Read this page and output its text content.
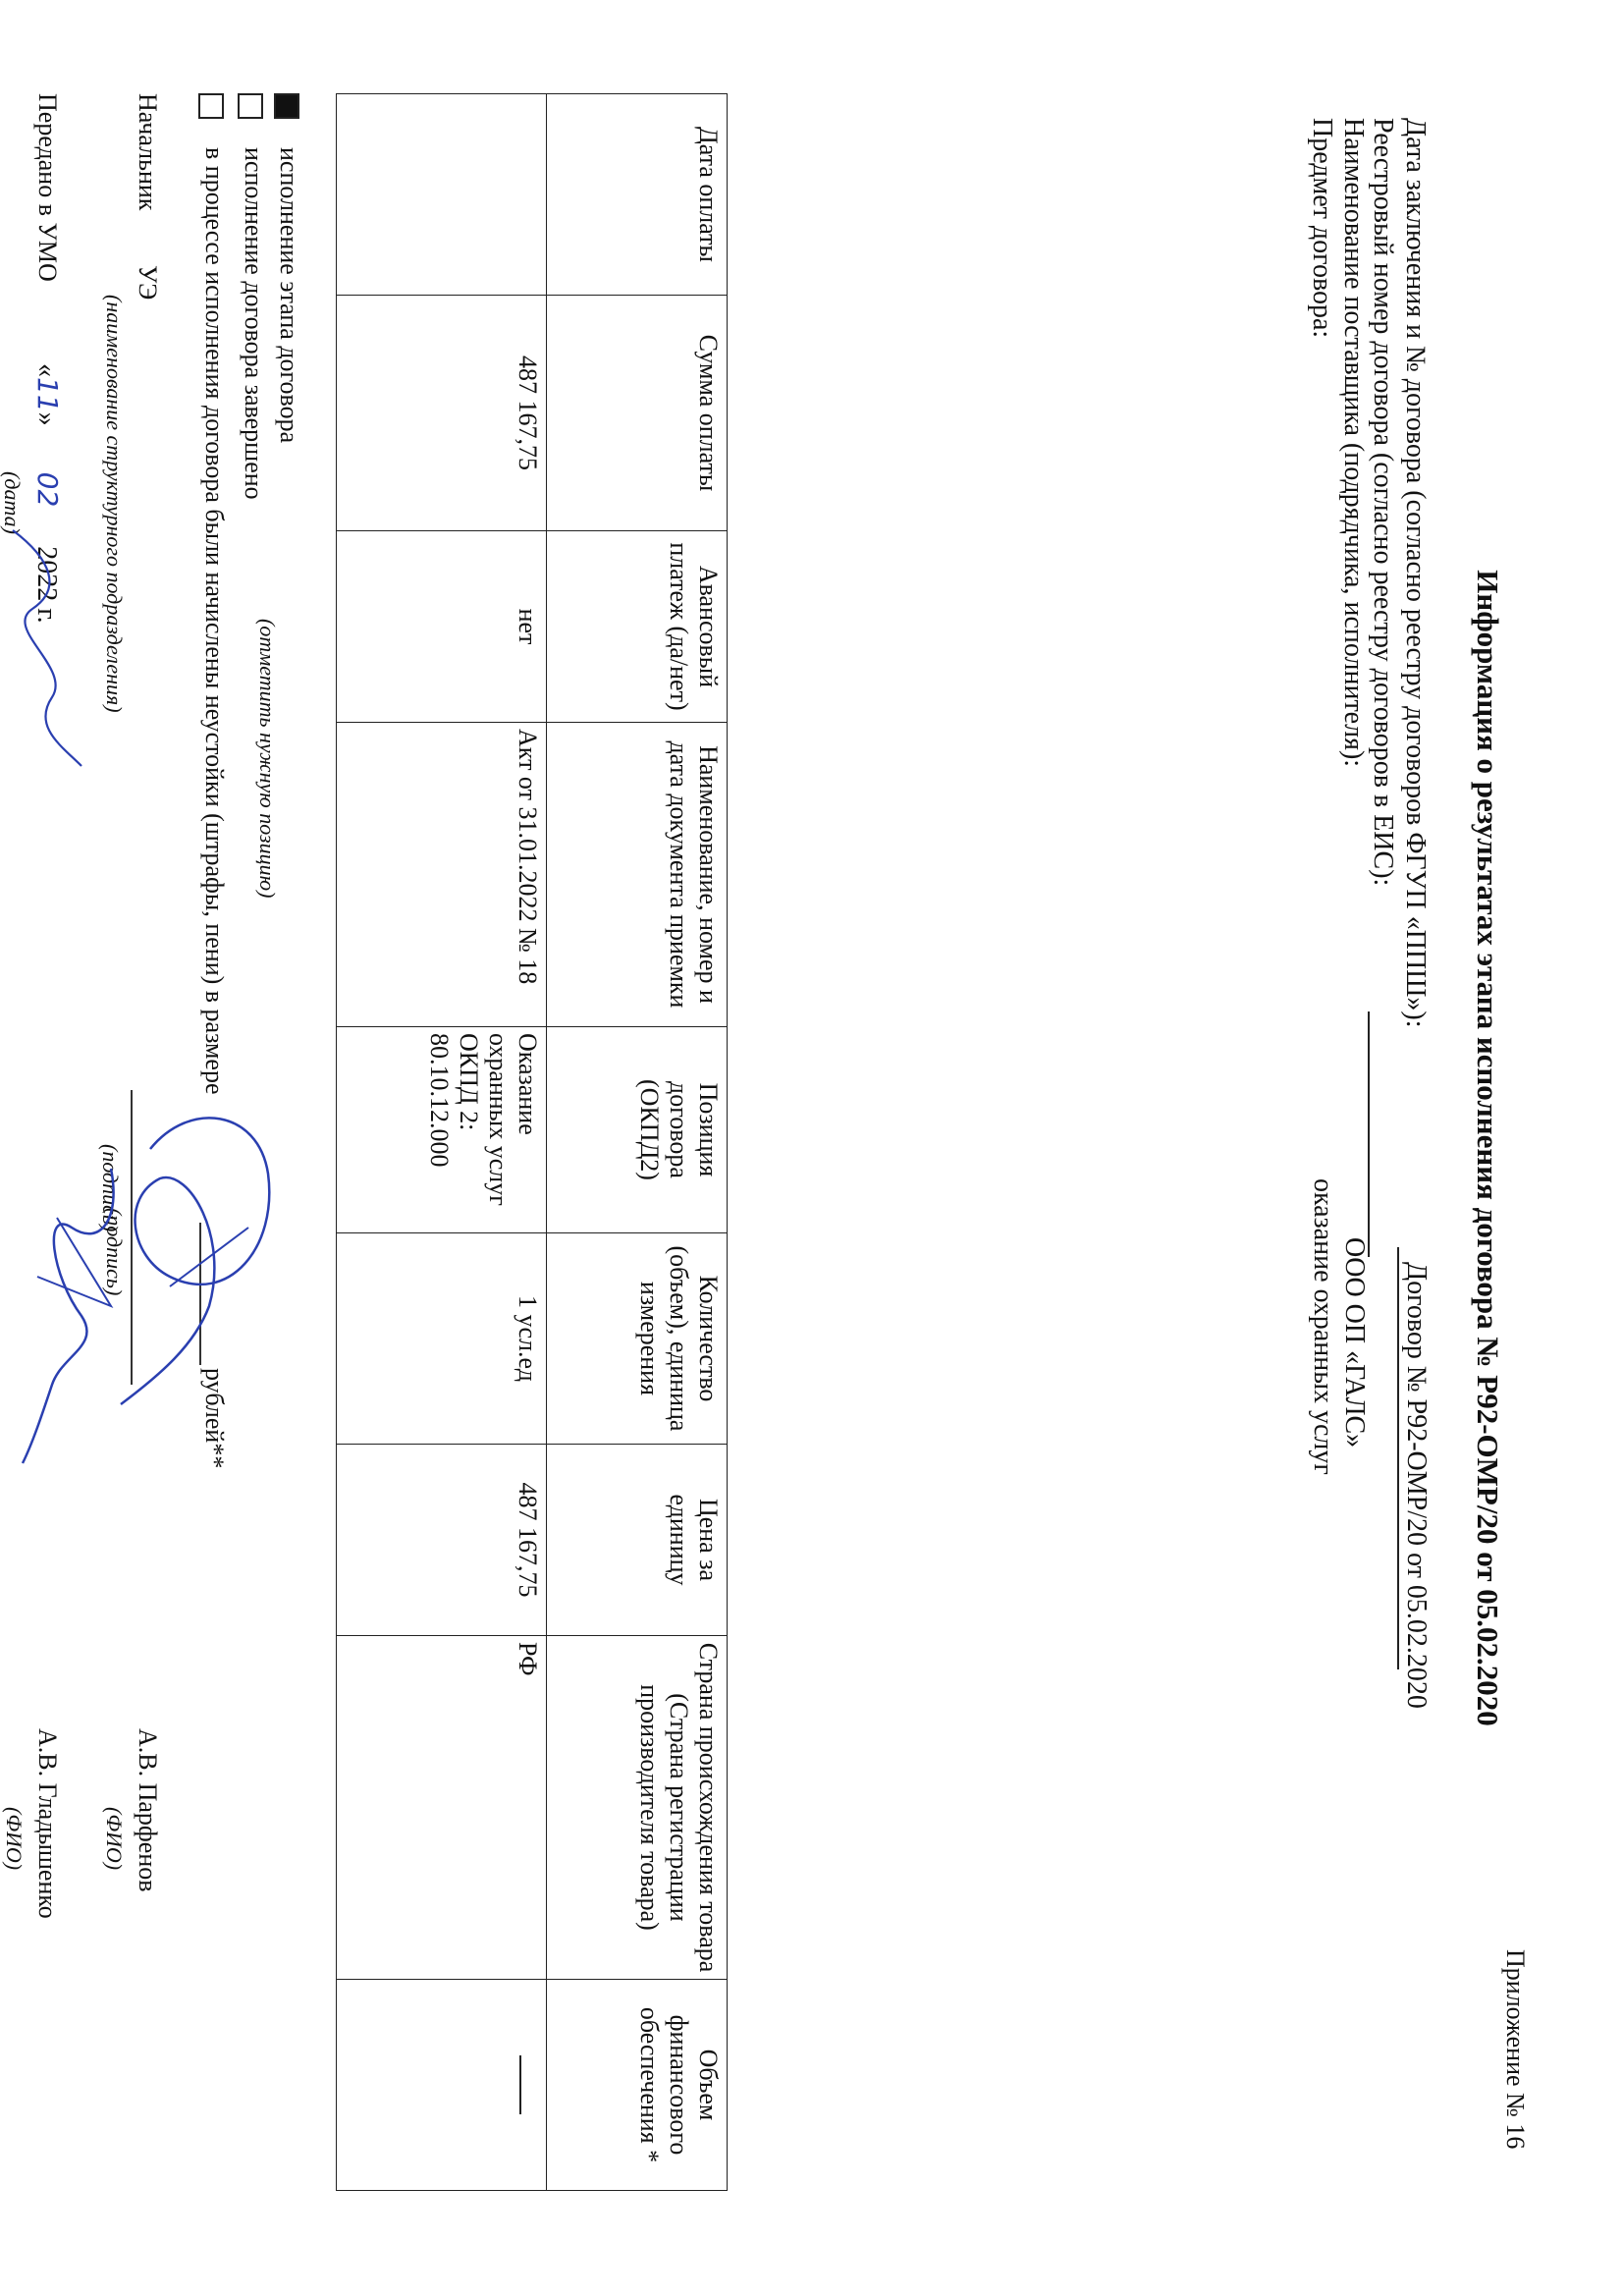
Приложение № 16
Информация о результатах этапа исполнения договора № Р92-ОМР/20 от 05.02.2020
Дата заключения и № договора (согласно реестру договоров ФГУП «ППШ»):
Договор № Р92-ОМР/20 от 05.02.2020
Реестровый номер договора (согласно реестру договоров в ЕИС):
Наименование поставщика (подрядчика, исполнителя):
ООО ОП «ГАЛС»
Предмет договора:
оказание охранных услуг
Дата оплаты	Сумма оплаты	Авансовый платеж (да/нет)	Наименование, номер и дата документа приемки	Позиция договора (ОКПД2)	Количество (объем), единица измерения	Цена за единицу	Страна происхождения товара (Страна регистрации производителя товара)	Объем финансового обеспечения *
	487 167,75	нет	Акт от 31.01.2022 № 18	Оказание охранных услуг ОКПД 2: 80.10.12.000	1 усл.ед	487 167,75	РФ	
исполнение этапа договора
исполнение договора завершено
(отметить нужную позицию)
в процессе исполнения договора были начислены неустойки (штрафы, пени) в размере
рублей**
Начальник
УЭ
(наименование структурного подразделения)
(подпись)
А.В. Парфенов
(ФИО)
Передано в УМО
«11» 022022 г.
(дата)
(подпись)
А.В. Гладышенко
(ФИО)
